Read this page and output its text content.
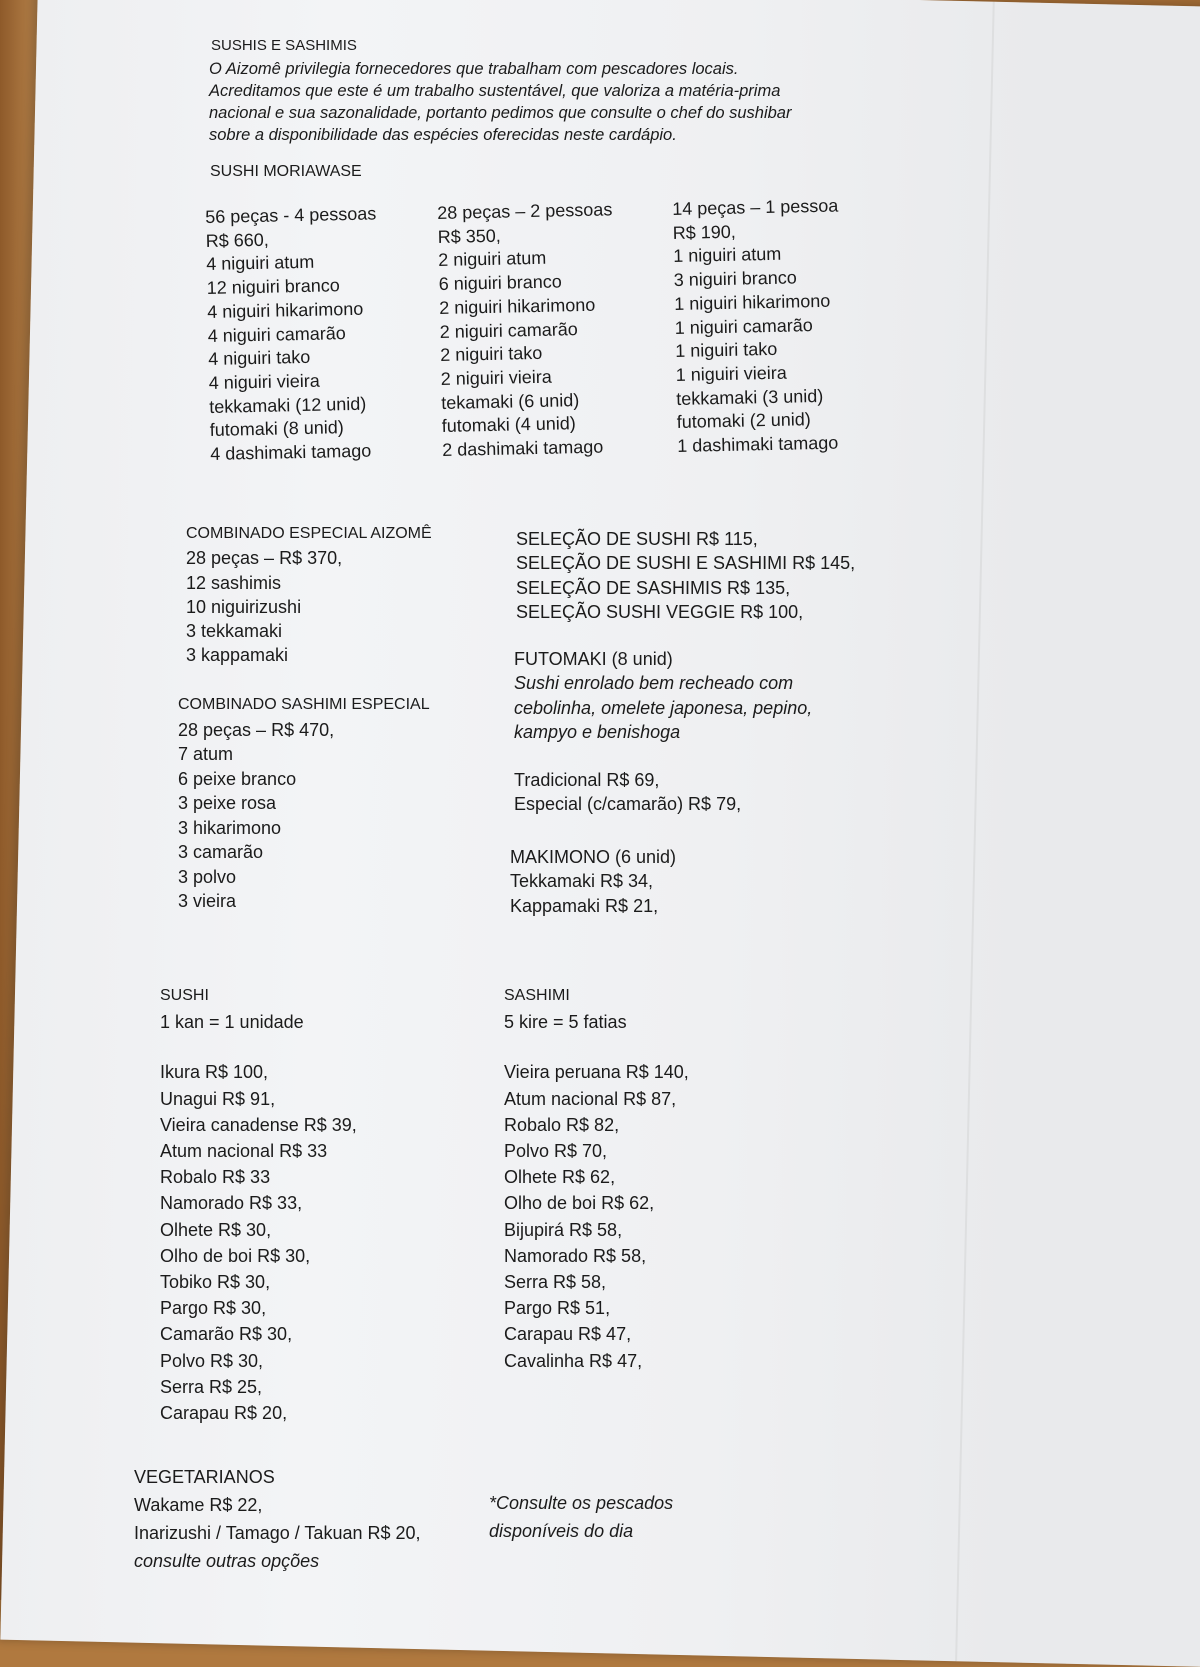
SUSHIS E SASHIMIS
O Aizomê privilegia fornecedores que trabalham com pescadores locais.
Acreditamos que este é um trabalho sustentável, que valoriza a matéria-prima
nacional e sua sazonalidade, portanto pedimos que consulte o chef do sushibar
sobre a disponibilidade das espécies oferecidas neste cardápio.
SUSHI MORIAWASE
56 peças - 4 pessoas
R$ 660,
4 niguiri atum
12 niguiri branco
4 niguiri hikarimono
4 niguiri camarão
4 niguiri tako
4 niguiri vieira
tekkamaki (12 unid)
futomaki (8 unid)
4 dashimaki tamago
28 peças – 2 pessoas
R$ 350,
2 niguiri atum
6 niguiri branco
2 niguiri hikarimono
2 niguiri camarão
2 niguiri tako
2 niguiri vieira
tekamaki (6 unid)
futomaki (4 unid)
2 dashimaki tamago
14 peças – 1 pessoa
R$ 190,
1 niguiri atum
3 niguiri branco
1 niguiri hikarimono
1 niguiri camarão
1 niguiri tako
1 niguiri vieira
tekkamaki (3 unid)
futomaki (2 unid)
1 dashimaki tamago
COMBINADO ESPECIAL AIZOMÊ
28 peças – R$ 370,
12 sashimis
10 niguirizushi
3 tekkamaki
3 kappamaki
COMBINADO SASHIMI ESPECIAL
28 peças – R$ 470,
7 atum
6 peixe branco
3 peixe rosa
3 hikarimono
3 camarão
3 polvo
3 vieira
SELEÇÃO DE SUSHI R$ 115,
SELEÇÃO DE SUSHI E SASHIMI R$ 145,
SELEÇÃO DE SASHIMIS R$ 135,
SELEÇÃO SUSHI VEGGIE R$ 100,
FUTOMAKI (8 unid)
Sushi enrolado bem recheado com
cebolinha, omelete japonesa, pepino,
kampyo e benishoga
Tradicional R$ 69,
Especial (c/camarão) R$ 79,
MAKIMONO (6 unid)
Tekkamaki R$ 34,
Kappamaki R$ 21,
SUSHI
1 kan = 1 unidade
Ikura R$ 100,
Unagui R$ 91,
Vieira canadense R$ 39,
Atum nacional R$ 33
Robalo R$ 33
Namorado R$ 33,
Olhete R$ 30,
Olho de boi R$ 30,
Tobiko R$ 30,
Pargo R$ 30,
Camarão R$ 30,
Polvo R$ 30,
Serra R$ 25,
Carapau R$ 20,
SASHIMI
5 kire = 5 fatias
Vieira peruana R$ 140,
Atum nacional R$ 87,
Robalo R$ 82,
Polvo R$ 70,
Olhete R$ 62,
Olho de boi R$ 62,
Bijupirá R$ 58,
Namorado R$ 58,
Serra R$ 58,
Pargo R$ 51,
Carapau R$ 47,
Cavalinha R$ 47,
VEGETARIANOS
Wakame R$ 22,
Inarizushi / Tamago / Takuan R$ 20,
consulte outras opções
*Consulte os pescados
disponíveis do dia
